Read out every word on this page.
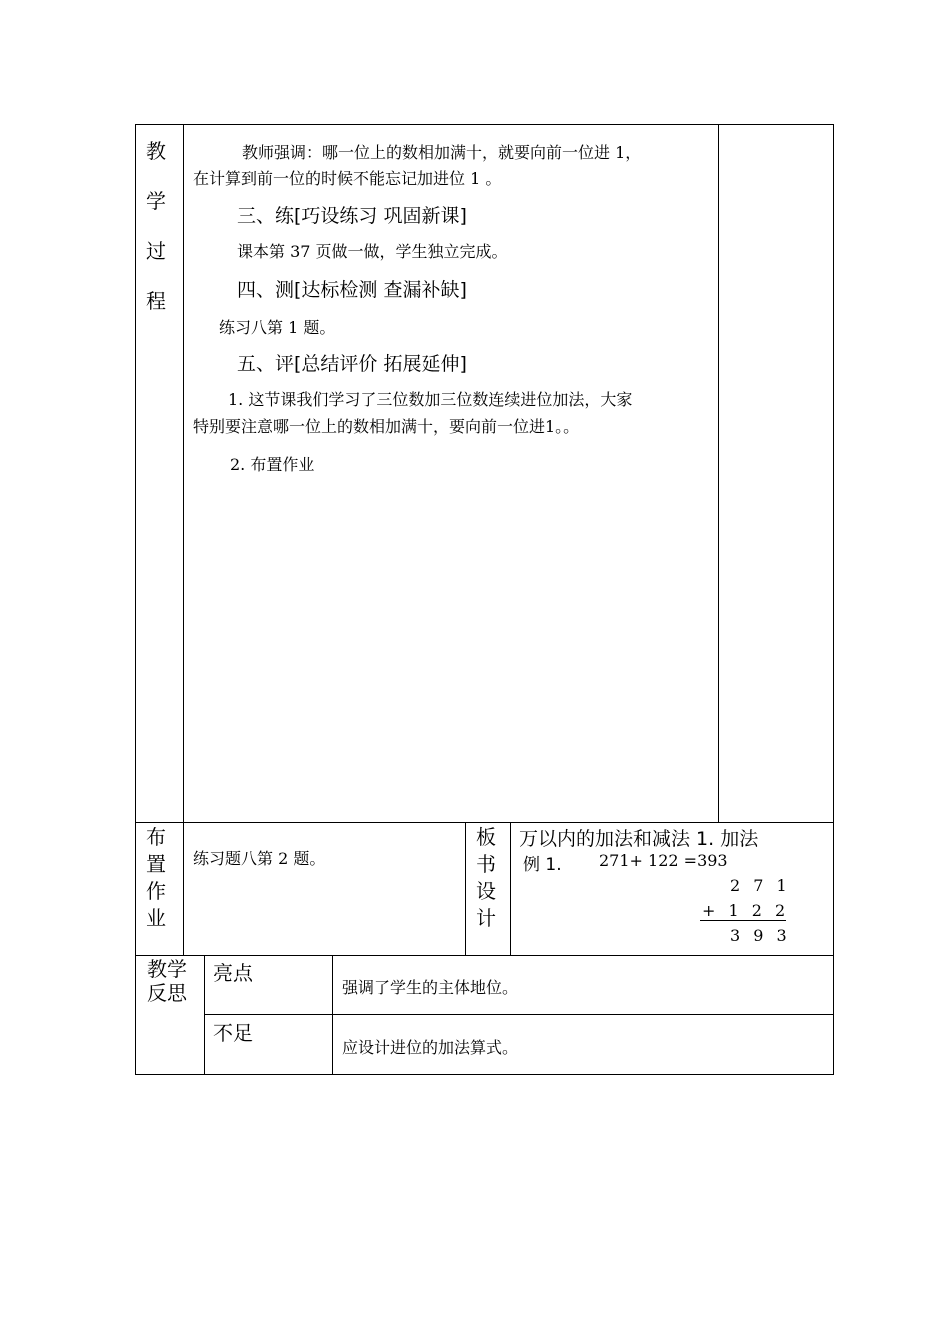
教
学
过
程
教师强调：哪一位上的数相加满十，就要向前一位进 1，
在计算到前一位的时候不能忘记加进位 1 。
三、练[巧设练习 巩固新课]
课本第 37 页做一做，学生独立完成。
四、测[达标检测 查漏补缺]
练习八第 1 题。
五、评[总结评价 拓展延伸]
1. 这节课我们学习了三位数加三位数连续进位加法，大家
特别要注意哪一位上的数相加满十，要向前一位进1。。
2. 布置作业
布
置
作
业
练习题八第 2 题。
板
书
设
计
万以内的加法和减法 1. 加法
例 1. 271+ 122 =393
2 7 1
+ 1 2 2
3 9 3
教学
反思
亮点
强调了学生的主体地位。
不足
应设计进位的加法算式。
